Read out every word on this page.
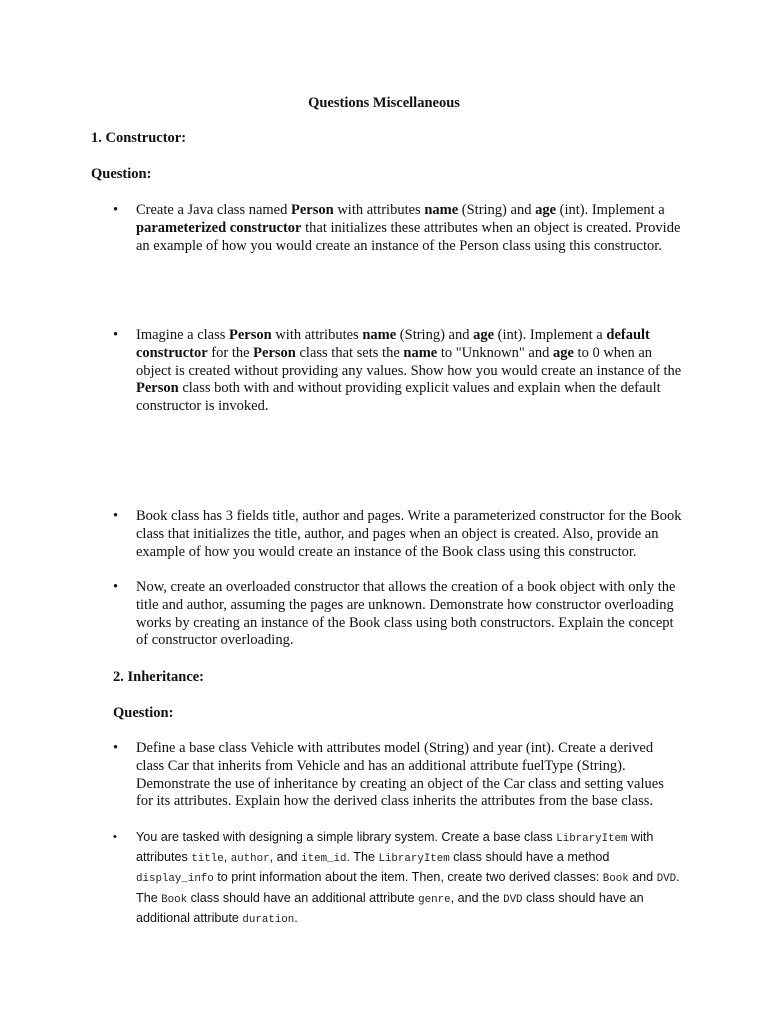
Questions Miscellaneous
1. Constructor:
Question:
•	Create a Java class named Person with attributes name (String) and age (int). Implement a parameterized constructor that initializes these attributes when an object is created. Provide an example of how you would create an instance of the Person class using this constructor.
•	Imagine a class Person with attributes name (String) and age (int). Implement a default constructor for the Person class that sets the name to "Unknown" and age to 0 when an object is created without providing any values. Show how you would create an instance of the Person class both with and without providing explicit values and explain when the default constructor is invoked.
•	Book class has 3 fields title, author and pages. Write a parameterized constructor for the Book class that initializes the title, author, and pages when an object is created. Also, provide an example of how you would create an instance of the Book class using this constructor.
•	Now, create an overloaded constructor that allows the creation of a book object with only the title and author, assuming the pages are unknown. Demonstrate how constructor overloading works by creating an instance of the Book class using both constructors. Explain the concept of constructor overloading.
2. Inheritance:
Question:
•	Define a base class Vehicle with attributes model (String) and year (int). Create a derived class Car that inherits from Vehicle and has an additional attribute fuelType (String). Demonstrate the use of inheritance by creating an object of the Car class and setting values for its attributes. Explain how the derived class inherits the attributes from the base class.
•	You are tasked with designing a simple library system. Create a base class LibraryItem with attributes title, author, and item_id. The LibraryItem class should have a method display_info to print information about the item. Then, create two derived classes: Book and DVD. The Book class should have an additional attribute genre, and the DVD class should have an additional attribute duration.
